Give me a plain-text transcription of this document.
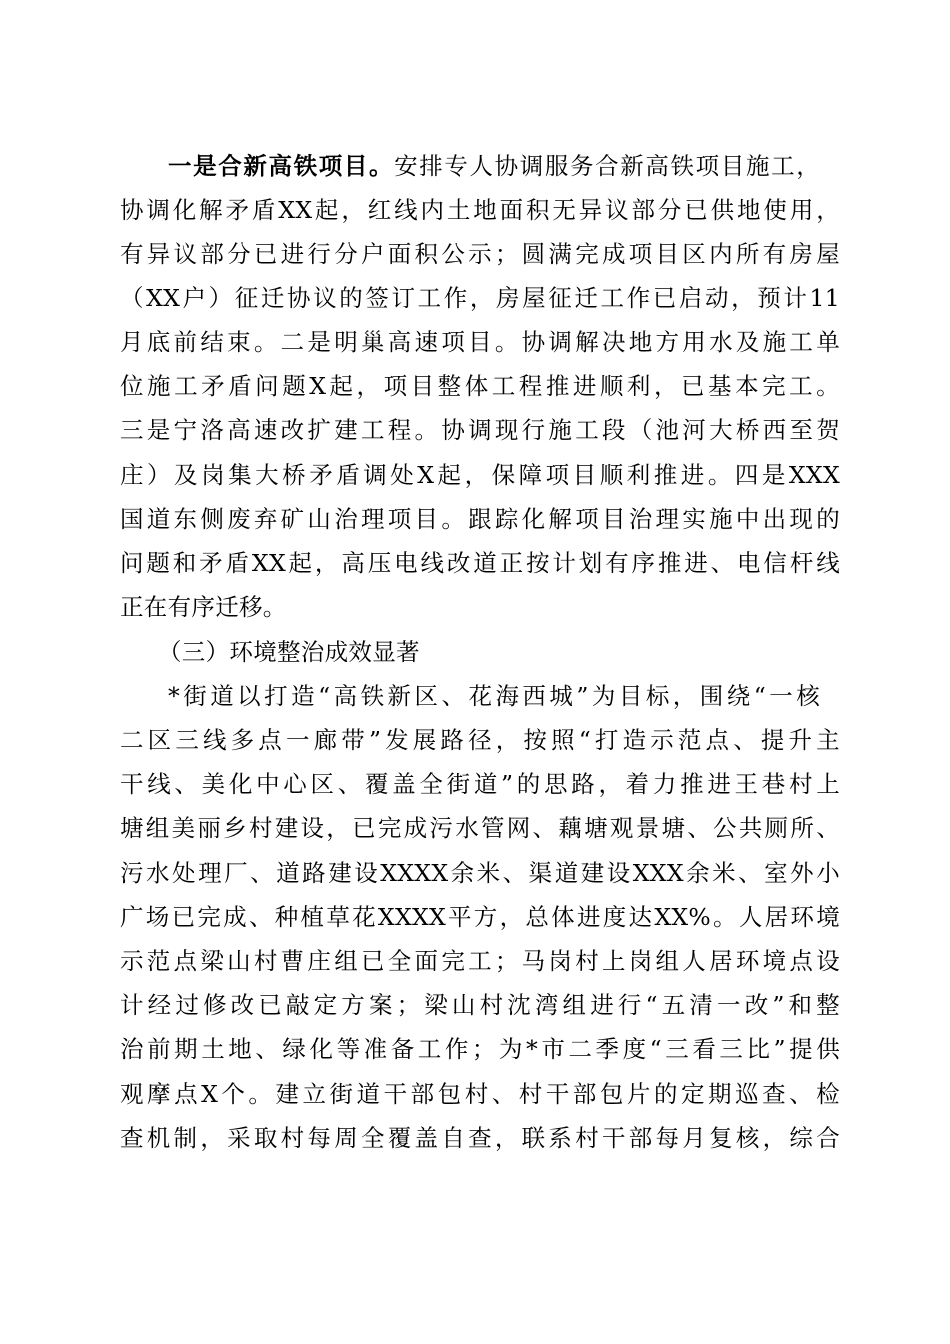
一是合新高铁项目。安排专人协调服务合新高铁项目施工，
协调化解矛盾XX起，红线内土地面积无异议部分已供地使用，
有异议部分已进行分户面积公示；圆满完成项目区内所有房屋
（XX户）征迁协议的签订工作，房屋征迁工作已启动，预计11
月底前结束。二是明巢高速项目。协调解决地方用水及施工单
位施工矛盾问题X起，项目整体工程推进顺利，已基本完工。
三是宁洛高速改扩建工程。协调现行施工段（池河大桥西至贺
庄）及岗集大桥矛盾调处X起，保障项目顺利推进。四是XXX
国道东侧废弃矿山治理项目。跟踪化解项目治理实施中出现的
问题和矛盾XX起，高压电线改道正按计划有序推进、电信杆线
正在有序迁移。
（三）环境整治成效显著
*街道以打造“高铁新区、花海西城”为目标，围绕“一核
二区三线多点一廊带”发展路径，按照“打造示范点、提升主
干线、美化中心区、覆盖全街道”的思路，着力推进王巷村上
塘组美丽乡村建设，已完成污水管网、藕塘观景塘、公共厕所、
污水处理厂、道路建设XXXX余米、渠道建设XXX余米、室外小
广场已完成、种植草花XXXX平方，总体进度达XX%。人居环境
示范点梁山村曹庄组已全面完工；马岗村上岗组人居环境点设
计经过修改已敲定方案；梁山村沈湾组进行“五清一改”和整
治前期土地、绿化等准备工作；为*市二季度“三看三比”提供
观摩点X个。建立街道干部包村、村干部包片的定期巡查、检
查机制，采取村每周全覆盖自查，联系村干部每月复核，综合
